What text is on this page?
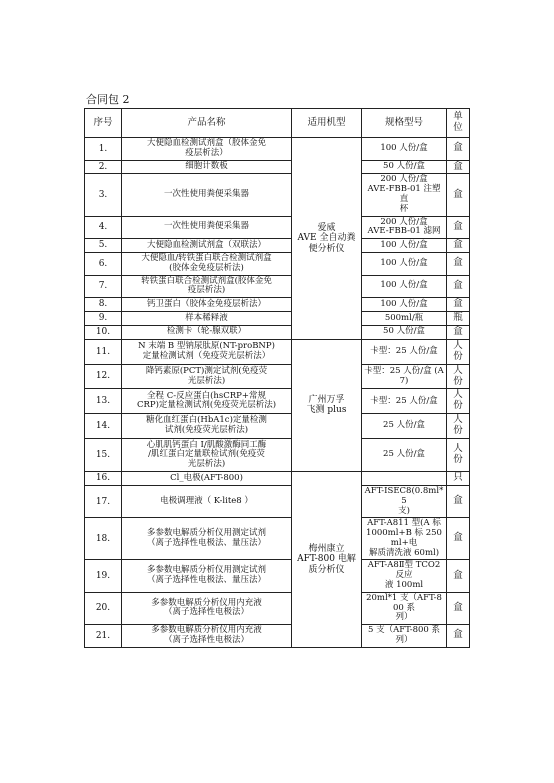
合同包 2
序号	产品名称	适用机型	规格型号	单
位
1.	大便隐血检测试剂盒（胶体金免
疫层析法）	爱威
AVE 全自动粪
便分析仪	100 人份/盒	盒
2.	细胞计数板		50 人份/盒	盒
3.	一次性使用粪便采集器		200 人份/盒
AVE-FBB-01 注塑 直
杯	盒
4.	一次性使用粪便采集器		200 人份/盒
AVE-FBB-01 滤网	盒
5.	大便隐血检测试剂盒（双联法）		100 人份/盒	盒
6.	大便隐血/转铁蛋白联合检测试剂盒
(胶体金免疫层析法)		100 人份/盒	盒
7.	转铁蛋白联合检测试剂盒(胶体金免
疫层析法)		100 人份/盒	盒
8.	钙卫蛋白（胶体金免疫层析法）		100 人份/盒	盒
9.	样本稀释液		500ml/瓶	瓶
10.	检测卡（轮-腺双联）		50 人份/盒	盒
11.	N 末端 B 型钠尿肽原(NT-proBNP)
定量检测试剂（免疫荧光层析法）	广州万孚
飞测 plus	卡型：25 人份/盒	人
份
12.	降钙素原(PCT)测定试剂(免疫荧
光层析法)		卡型：25 人份/盒 (A7)	人
份
13.	全程 C-反应蛋白(hsCRP+常规
CRP)定量检测试剂(免疫荧光层析法)		卡型：25 人份/盒	人
份
14.	糖化血红蛋白(HbA1c)定量检测
试剂(免疫荧光层析法)		25 人份/盒	人
份
15.	心肌肌钙蛋白 I/肌酸激酶同工酶
/肌红蛋白定量联检试剂(免疫荧
光层析法)		25 人份/盒	人
份
16.	Cl_电极(AFT-800)	梅州康立
AFT-800 电解
质分析仪		只
17.	电极调理液（ K-lite8 ）		AFT-ISEC8(0.8ml*5
支)	盒
18.	多参数电解质分析仪用测定试剂
（离子选择性电极法、量压法）		AFT-A811 型(A 标
1000ml+B 标 250ml+电
解质清洗液 60ml)	盒
19.	多参数电解质分析仪用测定试剂
（离子选择性电极法、量压法）		AFT-A8Ⅱ型 TCO2 反应
液 100ml	盒
20.	多参数电解质分析仪用内充液
（离子选择性电极法）		20ml*1 支（AFT-800 系
列）	盒
21.	多参数电解质分析仪用内充液
（离子选择性电极法）		5 支（AFT-800 系列）	盒
